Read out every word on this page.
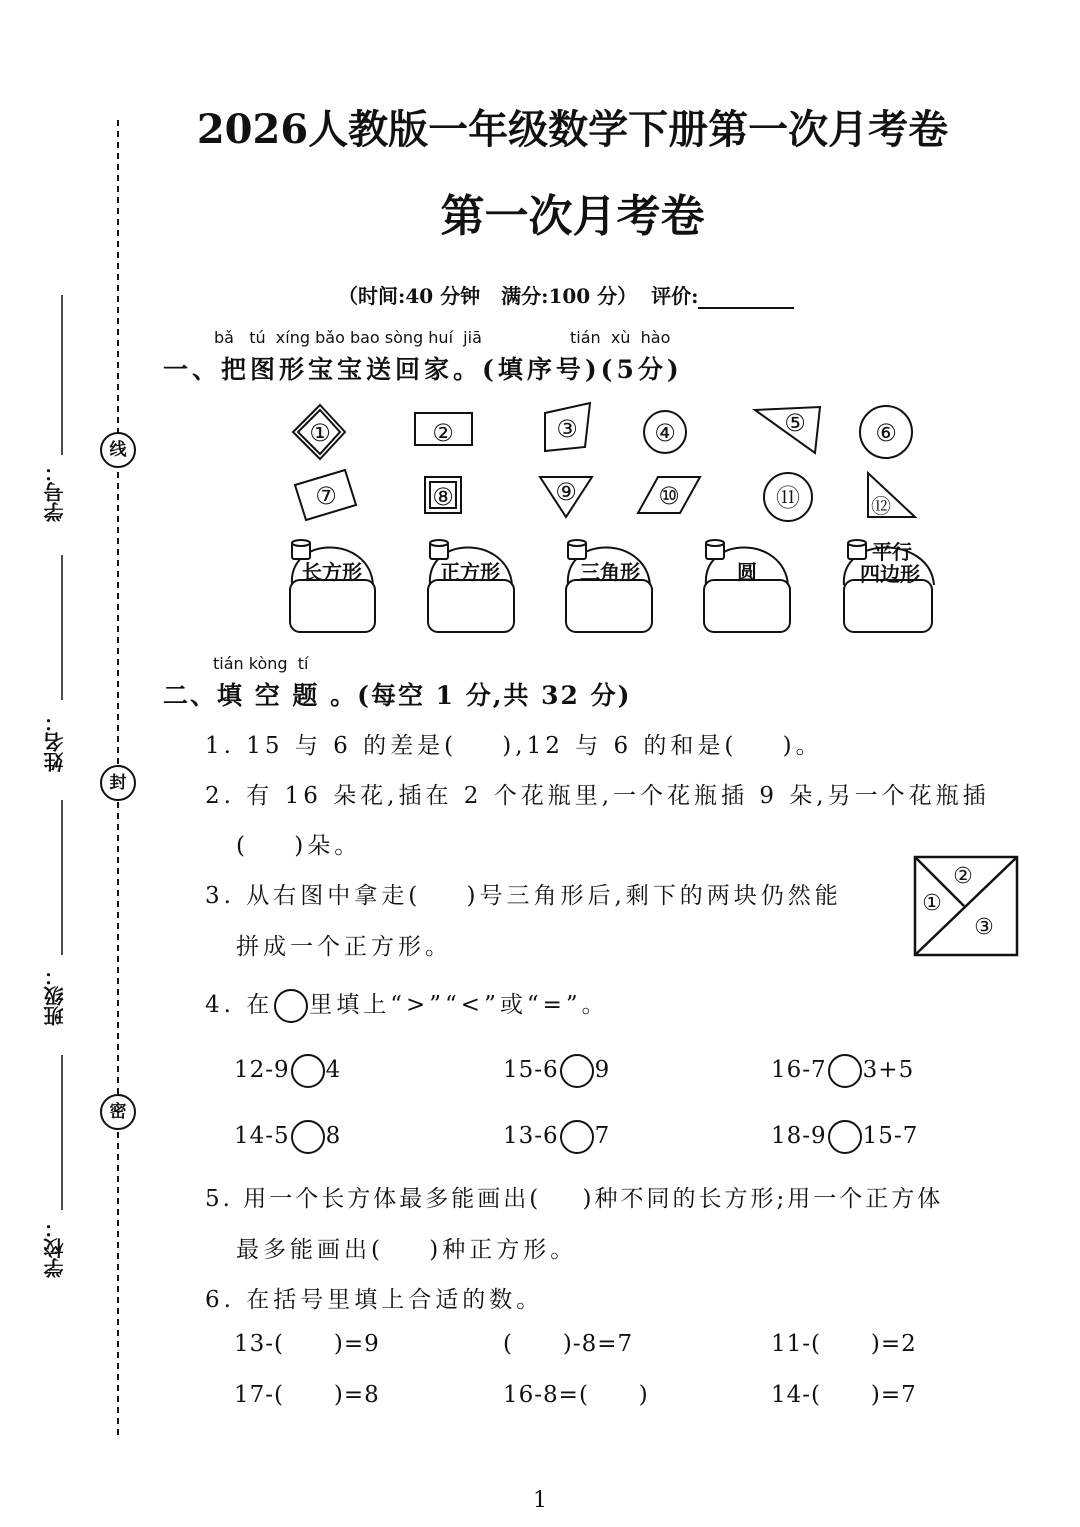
学号：
姓名：
班级：
学校：
线
封
密
2026人教版一年级数学下册第一次月考卷
第一次月考卷
（时间:40 分钟   满分:100 分）  评价:
bǎ   tú  xíng bǎo bao sòng huí  jiā	tián  xù  hào
一、把图形宝宝送回家。(填序号)(5分)
①	②	③	④	⑤	⑥
⑦	⑧	⑨	⑩	⑪	⑫
长方形	正方形	三角形	圆
平行
四边形
tián kòng  tí
二、填 空 题 。(每空 1 分,共 32 分)
1. 15 与 6 的差是(    ),12 与 6 的和是(    )。
2. 有 16 朵花,插在 2 个花瓶里,一个花瓶插 9 朵,另一个花瓶插
(    )朵。
3. 从右图中拿走(    )号三角形后,剩下的两块仍然能
拼成一个正方形。
①
②
③
4. 在 里填上“>”“<”或“=”。
12-9 4	15-6 9	16-7 3+5
14-5 8	13-6 7	18-9 15-7
5. 用一个长方体最多能画出(    )种不同的长方形;用一个正方体
最多能画出(    )种正方形。
6. 在括号里填上合适的数。
13-(      )=9	(      )-8=7	11-(      )=2
17-(      )=8	16-8=(      )	14-(      )=7
1
